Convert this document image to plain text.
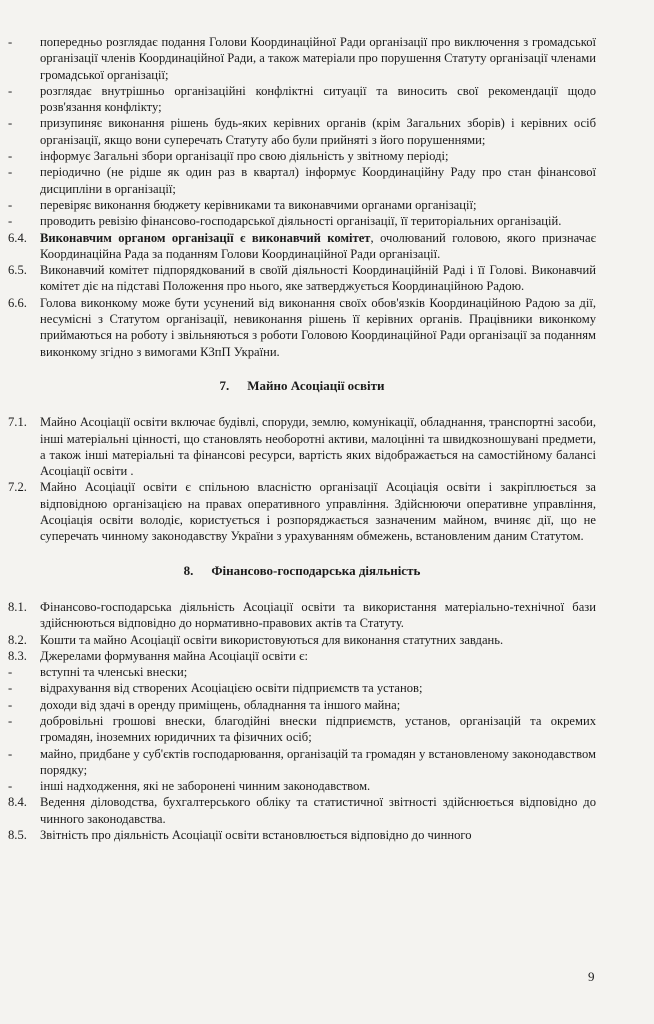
-	попередньо розглядає подання Голови Координаційної Ради організації про виключення з громадської організації членів Координаційної Ради, а також матеріали про порушення Статуту організації членами громадської організації;
-	розглядає внутрішньо організаційні конфліктні ситуації та виносить свої рекомендації щодо розв'язання конфлікту;
-	призупиняє виконання рішень будь-яких керівних органів (крім Загальних зборів) і керівних осіб організації, якщо вони суперечать Статуту або були прийняті з його порушеннями;
-	інформує Загальні збори організації про свою діяльність у звітному періоді;
-	періодично (не рідше як один раз в квартал) інформує Координаційну Раду про стан фінансової дисципліни в організації;
-	перевіряє виконання бюджету керівниками та виконавчими органами організації;
-	проводить ревізію фінансово-господарської діяльності організації, її територіальних організацій.
6.4.	Виконавчим органом організації є виконавчий комітет, очолюваний головою, якого призначає Координаційна Рада за поданням Голови Координаційної Ради організації.
6.5.	Виконавчий комітет підпорядкований в своїй діяльності Координаційній Раді і її Голові. Виконавчий комітет діє на підставі Положення про нього, яке затверджується Координаційною Радою.
6.6.	Голова виконкому може бути усунений від виконання своїх обов'язків Координаційною Радою за дії, несумісні з Статутом організації, невиконання рішень її керівних органів. Працівники виконкому приймаються на роботу і звільняються з роботи Головою Координаційної Ради організації за поданням виконкому згідно з вимогами КЗпП України.
7. Майно Асоціації освіти
7.1.	Майно Асоціації освіти включає будівлі, споруди, землю, комунікації, обладнання, транспортні засоби, інші матеріальні цінності, що становлять необоротні активи, малоцінні та швидкозношувані предмети, а також інші матеріальні та фінансові ресурси, вартість яких відображається на самостійному балансі Асоціації освіти .
7.2.	Майно Асоціації освіти є спільною власністю організації Асоціація освіти і закріплюється за відповідною організацією на правах оперативного управління. Здійснюючи оперативне управління, Асоціація освіти володіє, користується і розпоряджається зазначеним майном, вчиняє дії, що не суперечать чинному законодавству України з урахуванням обмежень, встановленим даним Статутом.
8. Фінансово-господарська діяльність
8.1.	Фінансово-господарська діяльність Асоціації освіти та використання матеріально-технічної бази здійснюються відповідно до нормативно-правових актів та Статуту.
8.2.	Кошти та майно Асоціації освіти використовуються для виконання статутних завдань.
8.3.	Джерелами формування майна Асоціації освіти є:
-	вступні та членські внески;
-	відрахування від створених Асоціацією освіти підприємств та установ;
-	доходи від здачі в оренду приміщень, обладнання та іншого майна;
-	добровільні грошові внески, благодійні внески підприємств, установ, організацій та окремих громадян, іноземних юридичних та фізичних осіб;
-	майно, придбане у суб'єктів господарювання, організацій та громадян у встановленому законодавством порядку;
-	інші надходження, які не заборонені чинним законодавством.
8.4.	Ведення діловодства, бухгалтерського обліку та статистичної звітності здійснюється відповідно до чинного законодавства.
8.5.	Звітність про діяльність Асоціації освіти встановлюється відповідно до чинного
9
